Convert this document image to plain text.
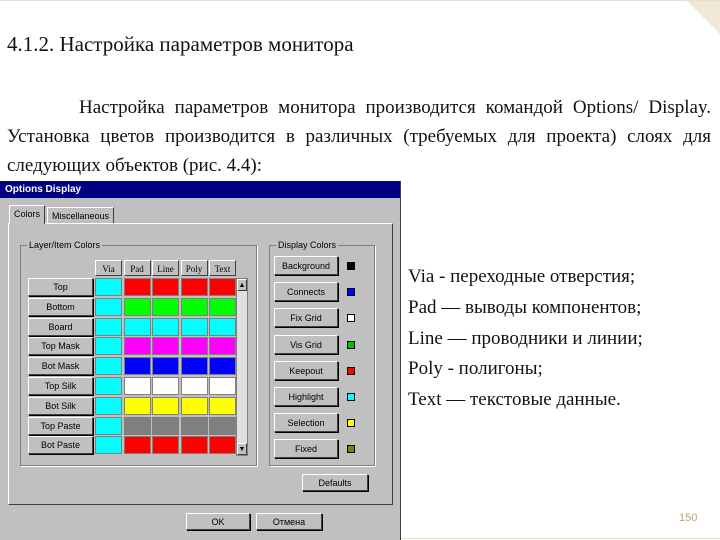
4.1.2. Настройка параметров монитора
Настройка параметров монитора производится командой Options/ Display. Установка цветов производится в различных (требуемых для проекта) слоях для следующих объектов (рис. 4.4):
Options Display
Colors	Miscellaneous
Layer/Item Colors	Display Colors
Defaults
OK	Отмена
Top
Bottom
Board
Top Mask
Bot Mask
Top Silk
Bot Silk
Top Paste
Bot Paste
Background
Connects
Fix Grid
Vis Grid
Keepout
Highlight
Selection
Fixed
▲
▼
Via - переходные отверстия;
Pad — выводы компонентов;
Line — проводники и линии;
Poly - полигоны;
Text — текстовые данные.
150
Via	Pad	Line	Poly	Text
